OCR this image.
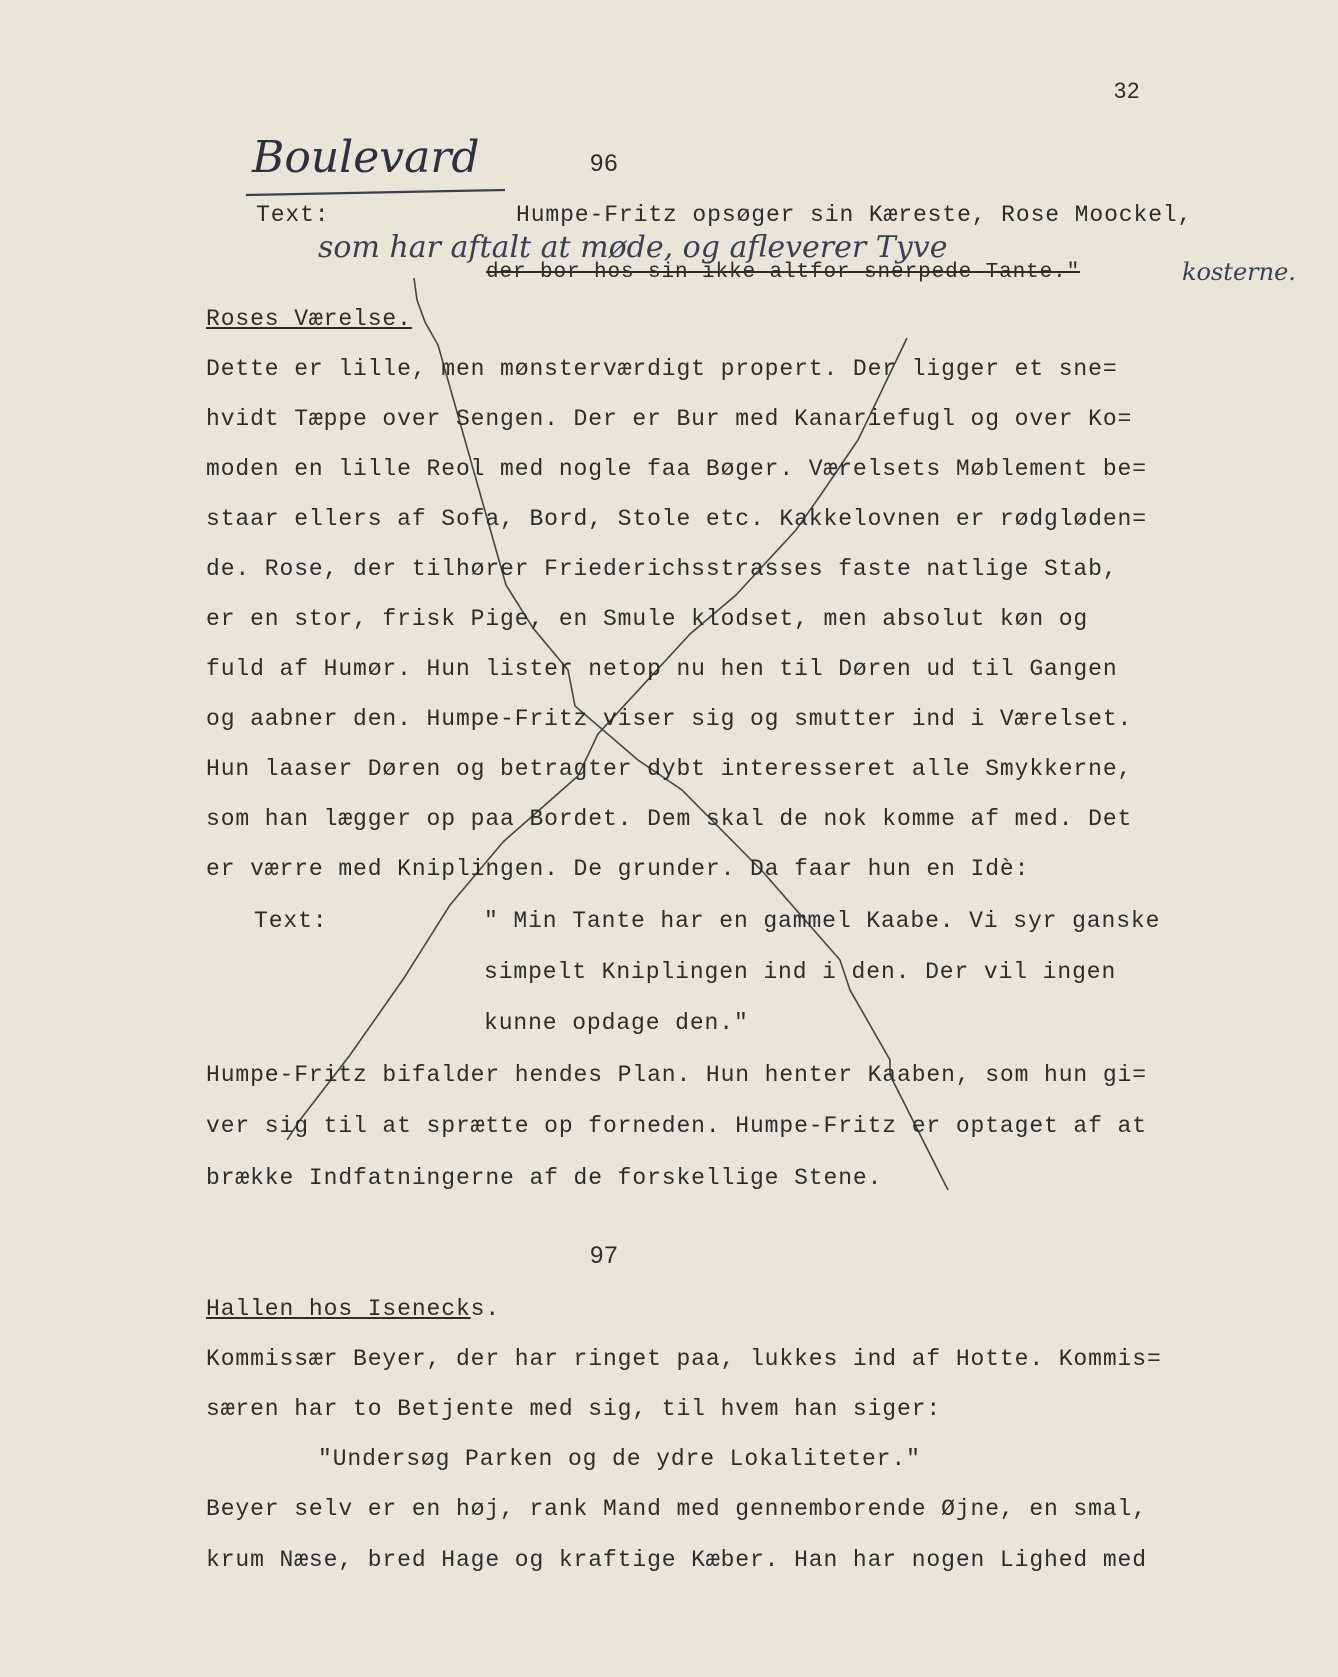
32
Boulevard	96
Text:	Humpe-Fritz opsøger sin Kæreste, Rose Moockel,
som har aftalt at møde, og afleverer Tyve
der bor hos sin ikke altfor snerpede Tante."	kosterne.
Roses Værelse.
Dette er lille, men mønsterværdigt propert. Der ligger et sne=
hvidt Tæppe over Sengen. Der er Bur med Kanariefugl og over Ko=
moden en lille Reol med nogle faa Bøger. Værelsets Møblement be=
staar ellers af Sofa, Bord, Stole etc. Kakkelovnen er rødgløden=
de. Rose, der tilhører Friederichsstrasses faste natlige Stab,
er en stor, frisk Pige, en Smule klodset, men absolut køn og
fuld af Humør. Hun lister netop nu hen til Døren ud til Gangen
og aabner den. Humpe-Fritz viser sig og smutter ind i Værelset.
Hun laaser Døren og betragter dybt interesseret alle Smykkerne,
som han lægger op paa Bordet. Dem skal de nok komme af med. Det
er værre med Kniplingen. De grunder. Da faar hun en Idè:
Text:	" Min Tante har en gammel Kaabe. Vi syr ganske
simpelt Kniplingen ind i den. Der vil ingen
kunne opdage den."
Humpe-Fritz bifalder hendes Plan. Hun henter Kaaben, som hun gi=
ver sig til at sprætte op forneden. Humpe-Fritz er optaget af at
brække Indfatningerne af de forskellige Stene.
97
Hallen hos Isenecks.
Kommissær Beyer, der har ringet paa, lukkes ind af Hotte. Kommis=
særen har to Betjente med sig, til hvem han siger:
"Undersøg Parken og de ydre Lokaliteter."
Beyer selv er en høj, rank Mand med gennemborende Øjne, en smal,
krum Næse, bred Hage og kraftige Kæber. Han har nogen Lighed med
